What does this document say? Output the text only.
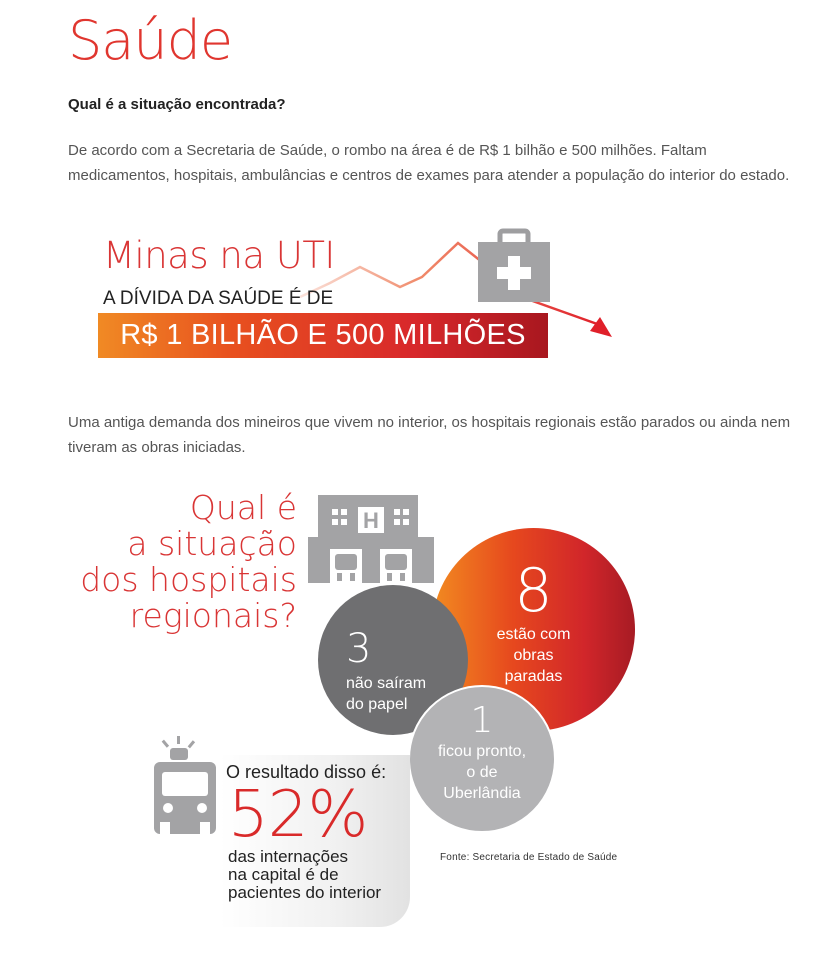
Saúde
Qual é a situação encontrada?
De acordo com a Secretaria de Saúde, o rombo na área é de R$ 1 bilhão e 500 milhões. Faltam medicamentos, hospitais, ambulâncias e centros de exames para atender a população do interior do estado.
Minas na UTI
A DÍVIDA DA SAÚDE É DE
R$ 1 BILHÃO E 500 MILHÕES
Uma antiga demanda dos mineiros que vivem no interior, os hospitais regionais estão parados ou ainda nem tiveram as obras iniciadas.
Qual é
a situação
dos hospitais
regionais?
H
8
estão com
obras
paradas
3
não saíram
do papel	1
ficou pronto,
o de
Uberlândia
O resultado disso é:
52%
das internações
na capital é de
pacientes do interior
Fonte: Secretaria de Estado de Saúde
